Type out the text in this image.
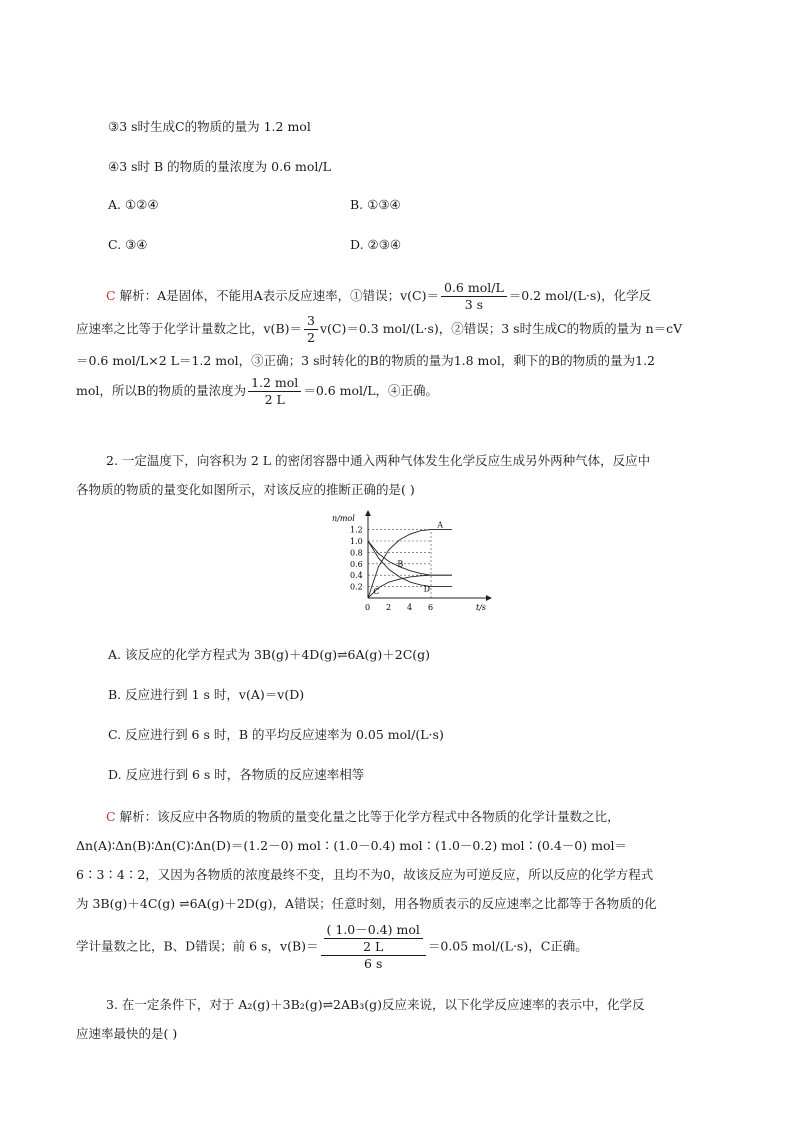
③3 s时生成C的物质的量为 1.2 mol
④3 s时 B 的物质的量浓度为 0.6 mol/L
A. ①②④	B. ①③④
C. ③④	D. ②③④
C 解析：A是固体，不能用A表示反应速率，①错误；$v(C)= \frac{\text{0.6 mol/L}}{3 s} =0.2$ mol/(L·s)，化学反
应速率之比等于化学计量数之比，$v(B)= \frac{3}{2} v(C)=0.3$ mol/(L·s)，②错误；3 s时生成C的物质的量为 n＝cV
＝0.6 mol/L×2 L＝1.2 mol，③正确；3 s时转化的B的物质的量为1.8 mol，剩下的B的物质的量为1.2
mol，所以B的物质的量浓度为 $\frac{\text{1.2 mol}}{2 L} =0.6$ mol/L，④正确。
2. 一定温度下，向容积为 2 L 的密闭容器中通入两种气体发生化学反应生成另外两种气体，反应中
各物质的物质的量变化如图所示，对该反应的推断正确的是( )
n/mol
t/s
1.2
1.0
0.8
0.6
0.4
0.2
0 2 4 6
A
B
C	D
A. 该反应的化学方程式为 3B(g)＋4D(g)⇌6A(g)＋2C(g)
B. 反应进行到 1 s 时，v(A)＝v(D)
C. 反应进行到 6 s 时，B 的平均反应速率为 0.05 mol/(L·s)
D. 反应进行到 6 s 时，各物质的反应速率相等
C 解析：该反应中各物质的物质的量变化量之比等于化学方程式中各物质的化学计量数之比，
Δn(A)∶Δn(B)∶Δn(C)∶Δn(D)＝(1.2－0) mol∶(1.0－0.4) mol∶(1.0－0.2) mol∶(0.4－0) mol＝
6∶3∶4∶2，又因为各物质的浓度最终不变，且均不为0，故该反应为可逆反应，所以反应的化学方程式
为 3B(g)＋4C(g) ⇌6A(g)＋2D(g)，A错误；任意时刻，用各物质表示的反应速率之比都等于各物质的化
学计量数之比，B、D错误；前 6 s，$v(B)= \frac{\frac{\text{( 1.0－0.4) mol}}{2 L}}{6 s} =0.05$ mol/(L·s)，C正确。
3. 在一定条件下，对于 A₂(g)＋3B₂(g)⇌2AB₃(g)反应来说，以下化学反应速率的表示中，化学反
应速率最快的是( )
